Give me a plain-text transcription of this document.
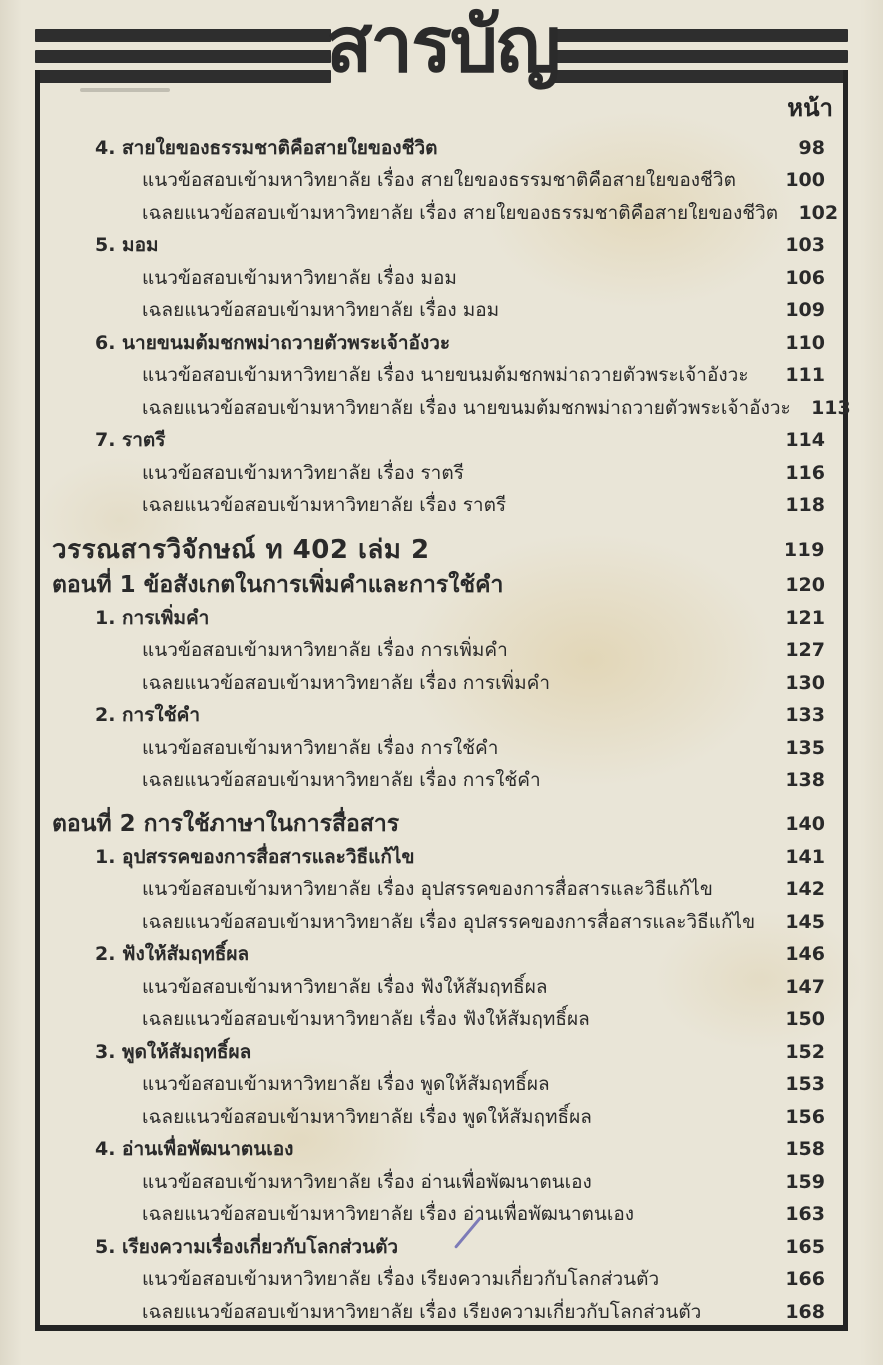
สารบัญ
หน้า
4. สายใยของธรรมชาติคือสายใยของชีวิต	98
แนวข้อสอบเข้ามหาวิทยาลัย เรื่อง สายใยของธรรมชาติคือสายใยของชีวิต	100
เฉลยแนวข้อสอบเข้ามหาวิทยาลัย เรื่อง สายใยของธรรมชาติคือสายใยของชีวิต	102
5. มอม	103
แนวข้อสอบเข้ามหาวิทยาลัย เรื่อง มอม	106
เฉลยแนวข้อสอบเข้ามหาวิทยาลัย เรื่อง มอม	109
6. นายขนมต้มชกพม่าถวายตัวพระเจ้าอังวะ	110
แนวข้อสอบเข้ามหาวิทยาลัย เรื่อง นายขนมต้มชกพม่าถวายตัวพระเจ้าอังวะ	111
เฉลยแนวข้อสอบเข้ามหาวิทยาลัย เรื่อง นายขนมต้มชกพม่าถวายตัวพระเจ้าอังวะ	113
7. ราตรี	114
แนวข้อสอบเข้ามหาวิทยาลัย เรื่อง ราตรี	116
เฉลยแนวข้อสอบเข้ามหาวิทยาลัย เรื่อง ราตรี	118
วรรณสารวิจักษณ์ ท 402 เล่ม 2	119
ตอนที่ 1 ข้อสังเกตในการเพิ่มคำและการใช้คำ	120
1. การเพิ่มคำ	121
แนวข้อสอบเข้ามหาวิทยาลัย เรื่อง การเพิ่มคำ	127
เฉลยแนวข้อสอบเข้ามหาวิทยาลัย เรื่อง การเพิ่มคำ	130
2. การใช้คำ	133
แนวข้อสอบเข้ามหาวิทยาลัย เรื่อง การใช้คำ	135
เฉลยแนวข้อสอบเข้ามหาวิทยาลัย เรื่อง การใช้คำ	138
ตอนที่ 2 การใช้ภาษาในการสื่อสาร	140
1. อุปสรรคของการสื่อสารและวิธีแก้ไข	141
แนวข้อสอบเข้ามหาวิทยาลัย เรื่อง อุปสรรคของการสื่อสารและวิธีแก้ไข	142
เฉลยแนวข้อสอบเข้ามหาวิทยาลัย เรื่อง อุปสรรคของการสื่อสารและวิธีแก้ไข	145
2. ฟังให้สัมฤทธิ์ผล	146
แนวข้อสอบเข้ามหาวิทยาลัย เรื่อง ฟังให้สัมฤทธิ์ผล	147
เฉลยแนวข้อสอบเข้ามหาวิทยาลัย เรื่อง ฟังให้สัมฤทธิ์ผล	150
3. พูดให้สัมฤทธิ์ผล	152
แนวข้อสอบเข้ามหาวิทยาลัย เรื่อง พูดให้สัมฤทธิ์ผล	153
เฉลยแนวข้อสอบเข้ามหาวิทยาลัย เรื่อง พูดให้สัมฤทธิ์ผล	156
4. อ่านเพื่อพัฒนาตนเอง	158
แนวข้อสอบเข้ามหาวิทยาลัย เรื่อง อ่านเพื่อพัฒนาตนเอง	159
เฉลยแนวข้อสอบเข้ามหาวิทยาลัย เรื่อง อ่านเพื่อพัฒนาตนเอง	163
5. เรียงความเรื่องเกี่ยวกับโลกส่วนตัว	165
แนวข้อสอบเข้ามหาวิทยาลัย เรื่อง เรียงความเกี่ยวกับโลกส่วนตัว	166
เฉลยแนวข้อสอบเข้ามหาวิทยาลัย เรื่อง เรียงความเกี่ยวกับโลกส่วนตัว	168
